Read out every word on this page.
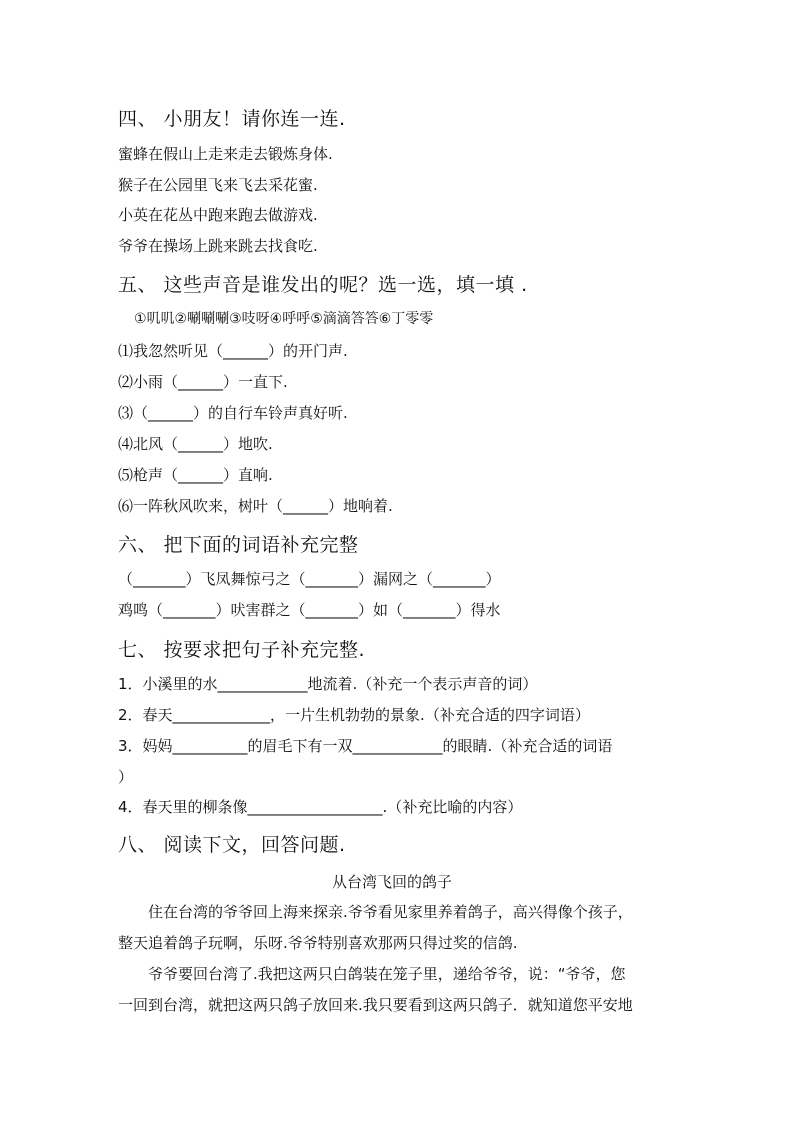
四、 小朋友！请你连一连.
蜜蜂在假山上走来走去锻炼身体.
猴子在公园里飞来飞去采花蜜.
小英在花丛中跑来跑去做游戏.
爷爷在操场上跳来跳去找食吃.
五、 这些声音是谁发出的呢？选一选，填一填 .
①叽叽②唰唰唰③吱呀④呼呼⑤滴滴答答⑥丁零零
⑴我忽然听见（______）的开门声.
⑵小雨（______）一直下.
⑶（______）的自行车铃声真好听.
⑷北风（______）地吹.
⑸枪声（______）直响.
⑹一阵秋风吹来，树叶（______）地响着.
六、 把下面的词语补充完整
（_______）飞凤舞惊弓之（_______）漏网之（_______）
鸡鸣（_______）吠害群之（_______）如（_______）得水
七、 按要求把句子补充完整.
1．小溪里的水____________地流着.（补充一个表示声音的词）
2．春天_____________，一片生机勃勃的景象.（补充合适的四字词语）
3．妈妈__________的眉毛下有一双____________的眼睛.（补充合适的词语
）
4．春天里的柳条像__________________.（补充比喻的内容）
八、 阅读下文，回答问题.
从台湾飞回的鸽子
住在台湾的爷爷回上海来探亲.爷爷看见家里养着鸽子，高兴得像个孩子，
整天追着鸽子玩啊，乐呀.爷爷特别喜欢那两只得过奖的信鸽.
爷爷要回台湾了.我把这两只白鸽装在笼子里，递给爷爷，说：“爷爷，您
一回到台湾，就把这两只鸽子放回来.我只要看到这两只鸽子．就知道您平安地
